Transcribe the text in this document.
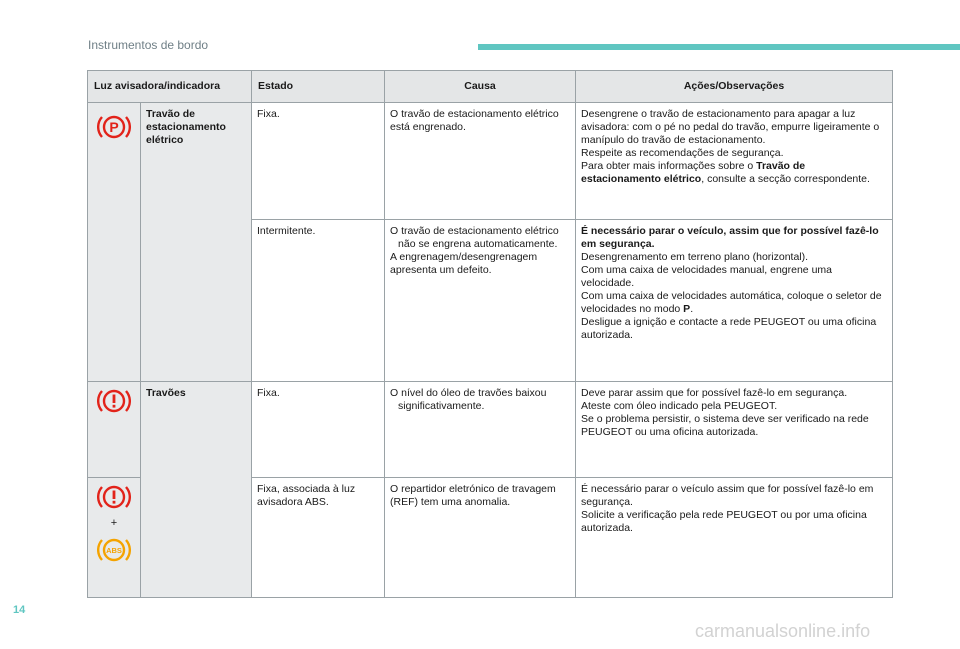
Instrumentos de bordo
Luz avisadora/indicadora		Estado	Causa	Ações/Observações

P	Travão de estacionamento elétrico	Fixa.	O travão de estacionamento elétrico está engrenado.	Desengrene o travão de estacionamento para apagar a luz avisadora: com o pé no pedal do travão, empurre ligeiramente o manípulo do travão de estacionamento.
Respeite as recomendações de segurança.
Para obter mais informações sobre o Travão de estacionamento elétrico, consulte a secção correspondente.
		Intermitente.	O travão de estacionamento elétrico não se engrena automaticamente.
A engrenagem/desengrenagem apresenta um defeito.	É necessário parar o veículo, assim que for possível fazê-lo em segurança.
Desengrenamento em terreno plano (horizontal).
Com uma caixa de velocidades manual, engrene uma velocidade.
Com uma caixa de velocidades automática, coloque o seletor de velocidades no modo P.
Desligue a ignição e contacte a rede PEUGEOT ou uma oficina autorizada.

	Travões	Fixa.	O nível do óleo de travões baixou significativamente.	Deve parar assim que for possível fazê-lo em segurança.
Ateste com óleo indicado pela PEUGEOT.
Se o problema persistir, o sistema deve ser verificado na rede PEUGEOT ou uma oficina autorizada.

+
ABS		Fixa, associada à luz avisadora ABS.	O repartidor eletrónico de travagem (REF) tem uma anomalia.	É necessário parar o veículo assim que for possível fazê-lo em segurança.
Solicite a verificação pela rede PEUGEOT ou por uma oficina autorizada.
14
carmanualsonline.info
